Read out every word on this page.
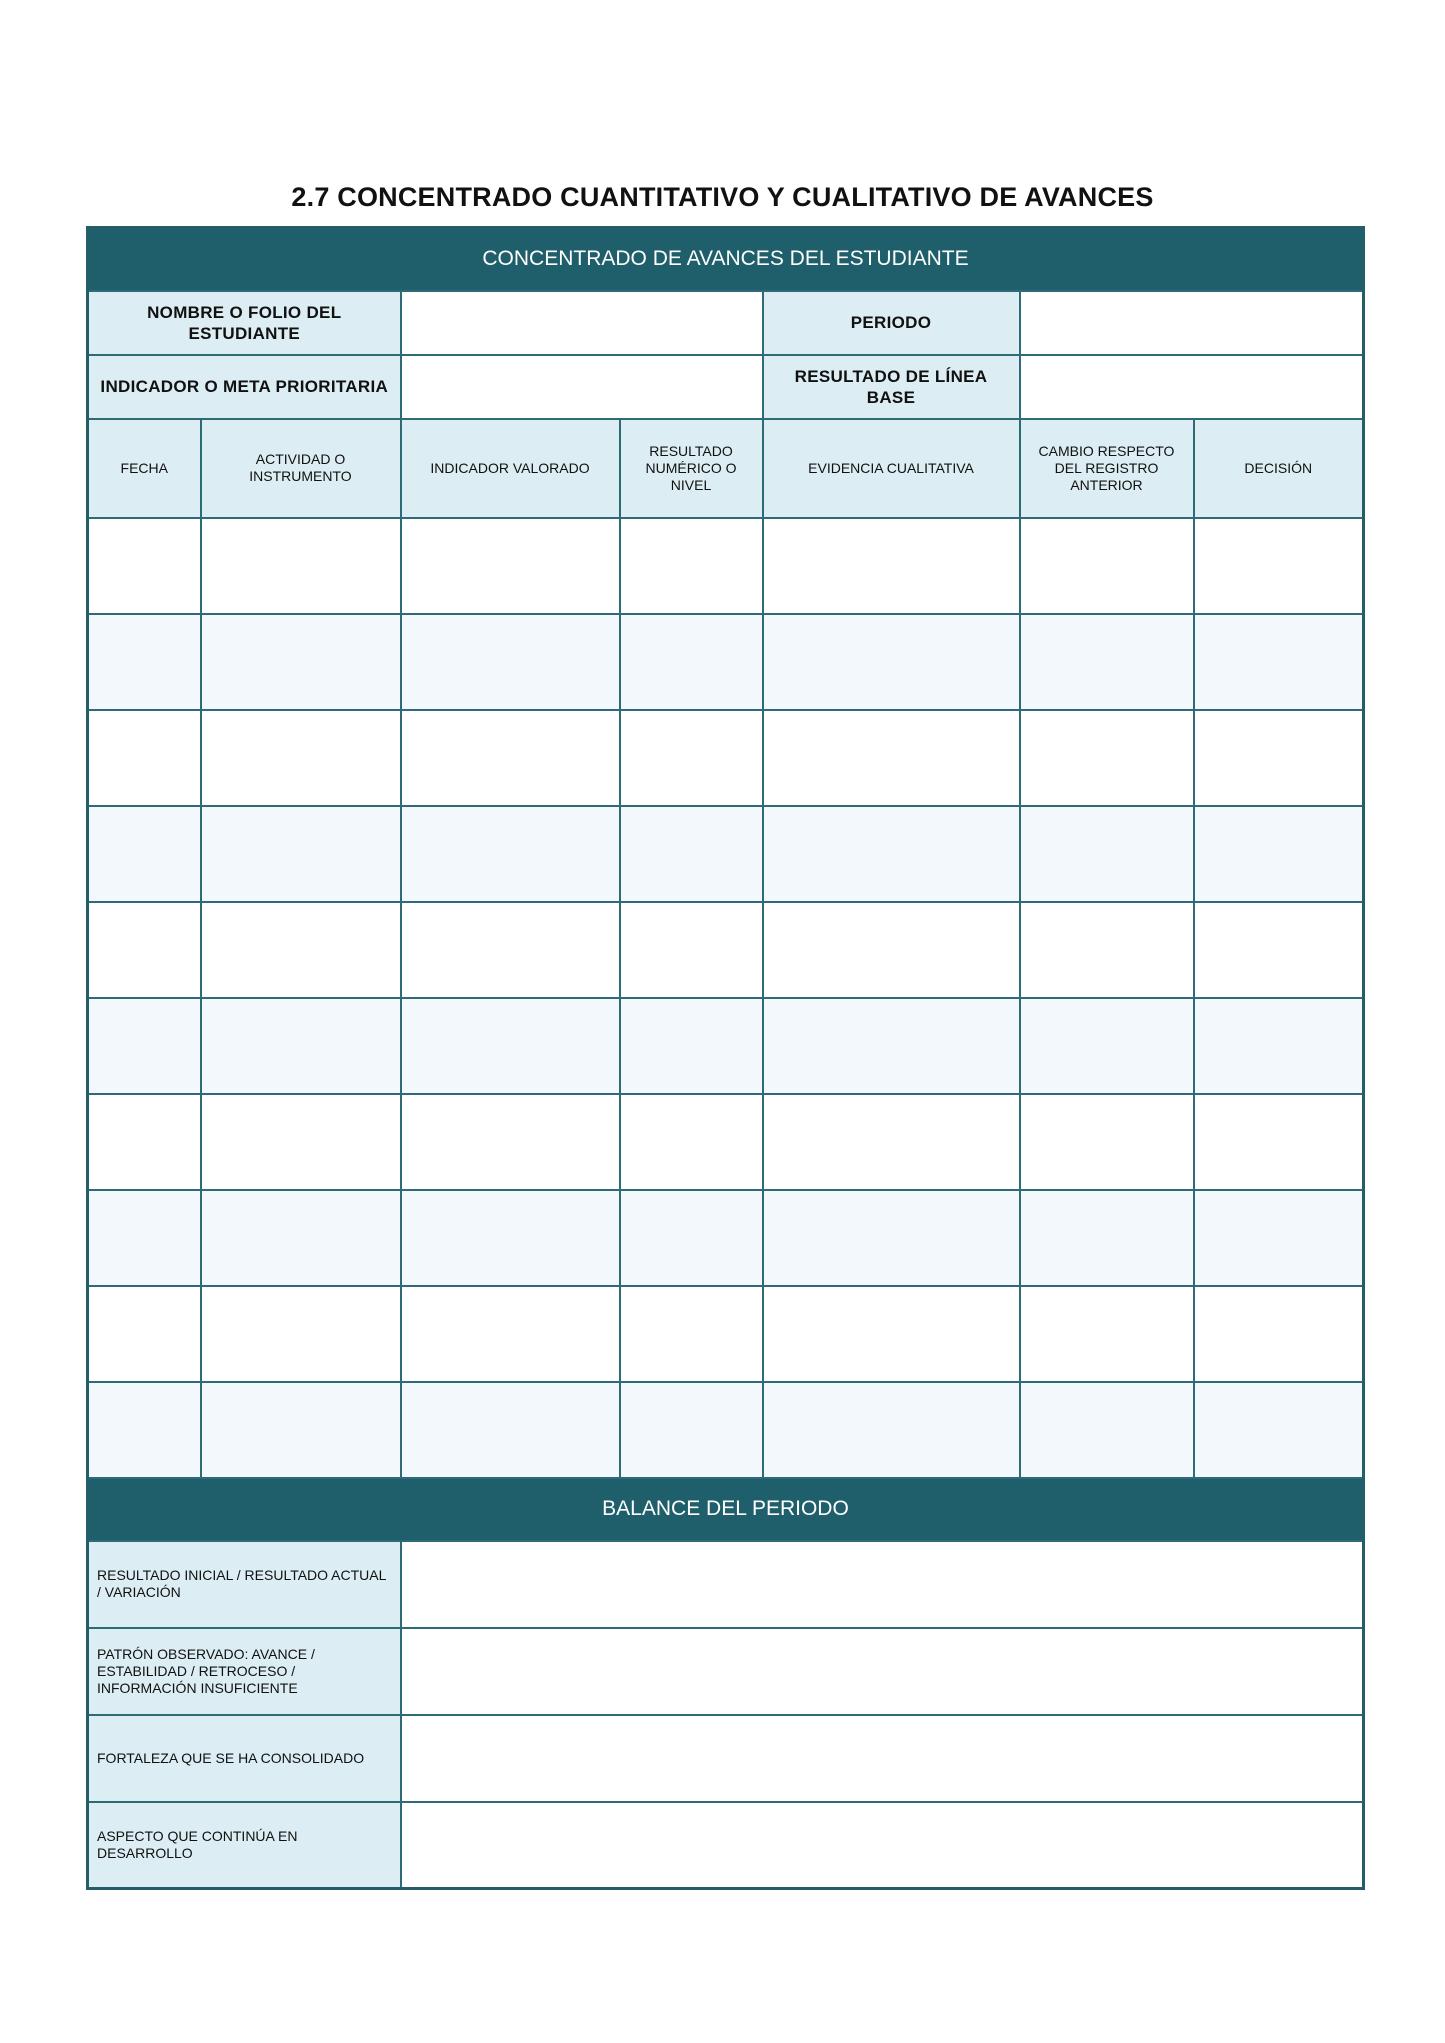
2.7 CONCENTRADO CUANTITATIVO Y CUALITATIVO DE AVANCES
CONCENTRADO DE AVANCES DEL ESTUDIANTE						
NOMBRE O FOLIO DEL ESTUDIANTE				PERIODO		
INDICADOR O META PRIORITARIA				RESULTADO DE LÍNEA BASE		
FECHA	ACTIVIDAD O INSTRUMENTO	INDICADOR VALORADO	RESULTADO NUMÉRICO O NIVEL	EVIDENCIA CUALITATIVA	CAMBIO RESPECTO DEL REGISTRO ANTERIOR	DECISIÓN

BALANCE DEL PERIODO						
RESULTADO INICIAL / RESULTADO ACTUAL / VARIACIÓN						
PATRÓN OBSERVADO: AVANCE / ESTABILIDAD / RETROCESO / INFORMACIÓN INSUFICIENTE						
FORTALEZA QUE SE HA CONSOLIDADO						
ASPECTO QUE CONTINÚA EN DESARROLLO						
